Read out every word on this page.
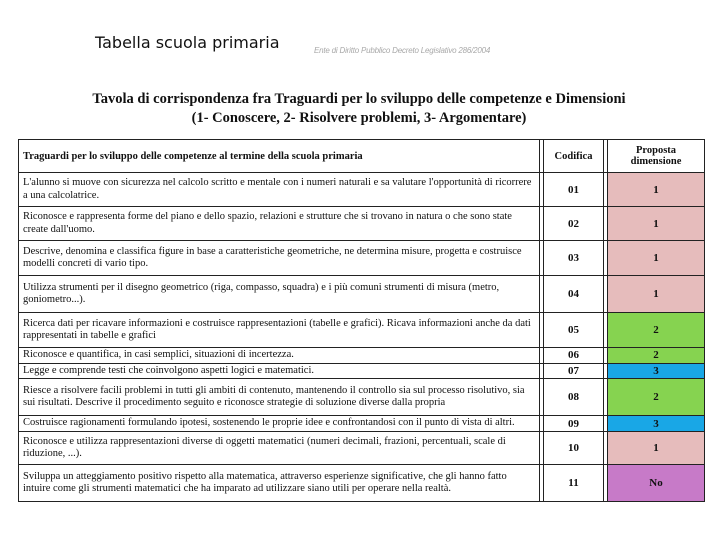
Tabella scuola primaria	Ente di Diritto Pubblico Decreto Legislativo 286/2004
Tavola di corrispondenza fra Traguardi per lo sviluppo delle competenze e Dimensioni
(1- Conoscere, 2- Risolvere problemi, 3- Argomentare)
Traguardi per lo sviluppo delle competenze al termine della scuola primaria		Codifica		Proposta dimensione
L'alunno si muove con sicurezza nel calcolo scritto e mentale con i numeri naturali e sa valutare l'opportunità di ricorrere a una calcolatrice.		01		1
Riconosce e rappresenta forme del piano e dello spazio, relazioni e strutture che si trovano in natura o che sono state create dall'uomo.		02		1
Descrive, denomina e classifica figure in base a caratteristiche geometriche, ne determina misure, progetta e costruisce modelli concreti di vario tipo.		03		1
Utilizza strumenti per il disegno geometrico (riga, compasso, squadra) e i più comuni strumenti di misura (metro, goniometro...).		04		1
Ricerca dati per ricavare informazioni e costruisce rappresentazioni (tabelle e grafici). Ricava informazioni anche da dati rappresentati in tabelle e grafici		05		2
Riconosce e quantifica, in casi semplici, situazioni di incertezza.		06		2
Legge e comprende testi che coinvolgono aspetti logici e matematici.		07		3
Riesce a risolvere facili problemi in tutti gli ambiti di contenuto, mantenendo il controllo sia sul processo risolutivo, sia sui risultati. Descrive il procedimento seguito e riconosce strategie di soluzione diverse dalla propria		08		2
Costruisce ragionamenti formulando ipotesi, sostenendo le proprie idee e confrontandosi con il punto di vista di altri.		09		3
Riconosce e utilizza rappresentazioni diverse di oggetti matematici (numeri decimali, frazioni, percentuali, scale di riduzione, ...).		10		1
Sviluppa un atteggiamento positivo rispetto alla matematica, attraverso esperienze significative, che gli hanno fatto intuire come gli strumenti matematici che ha imparato ad utilizzare siano utili per operare nella realtà.		11		No
